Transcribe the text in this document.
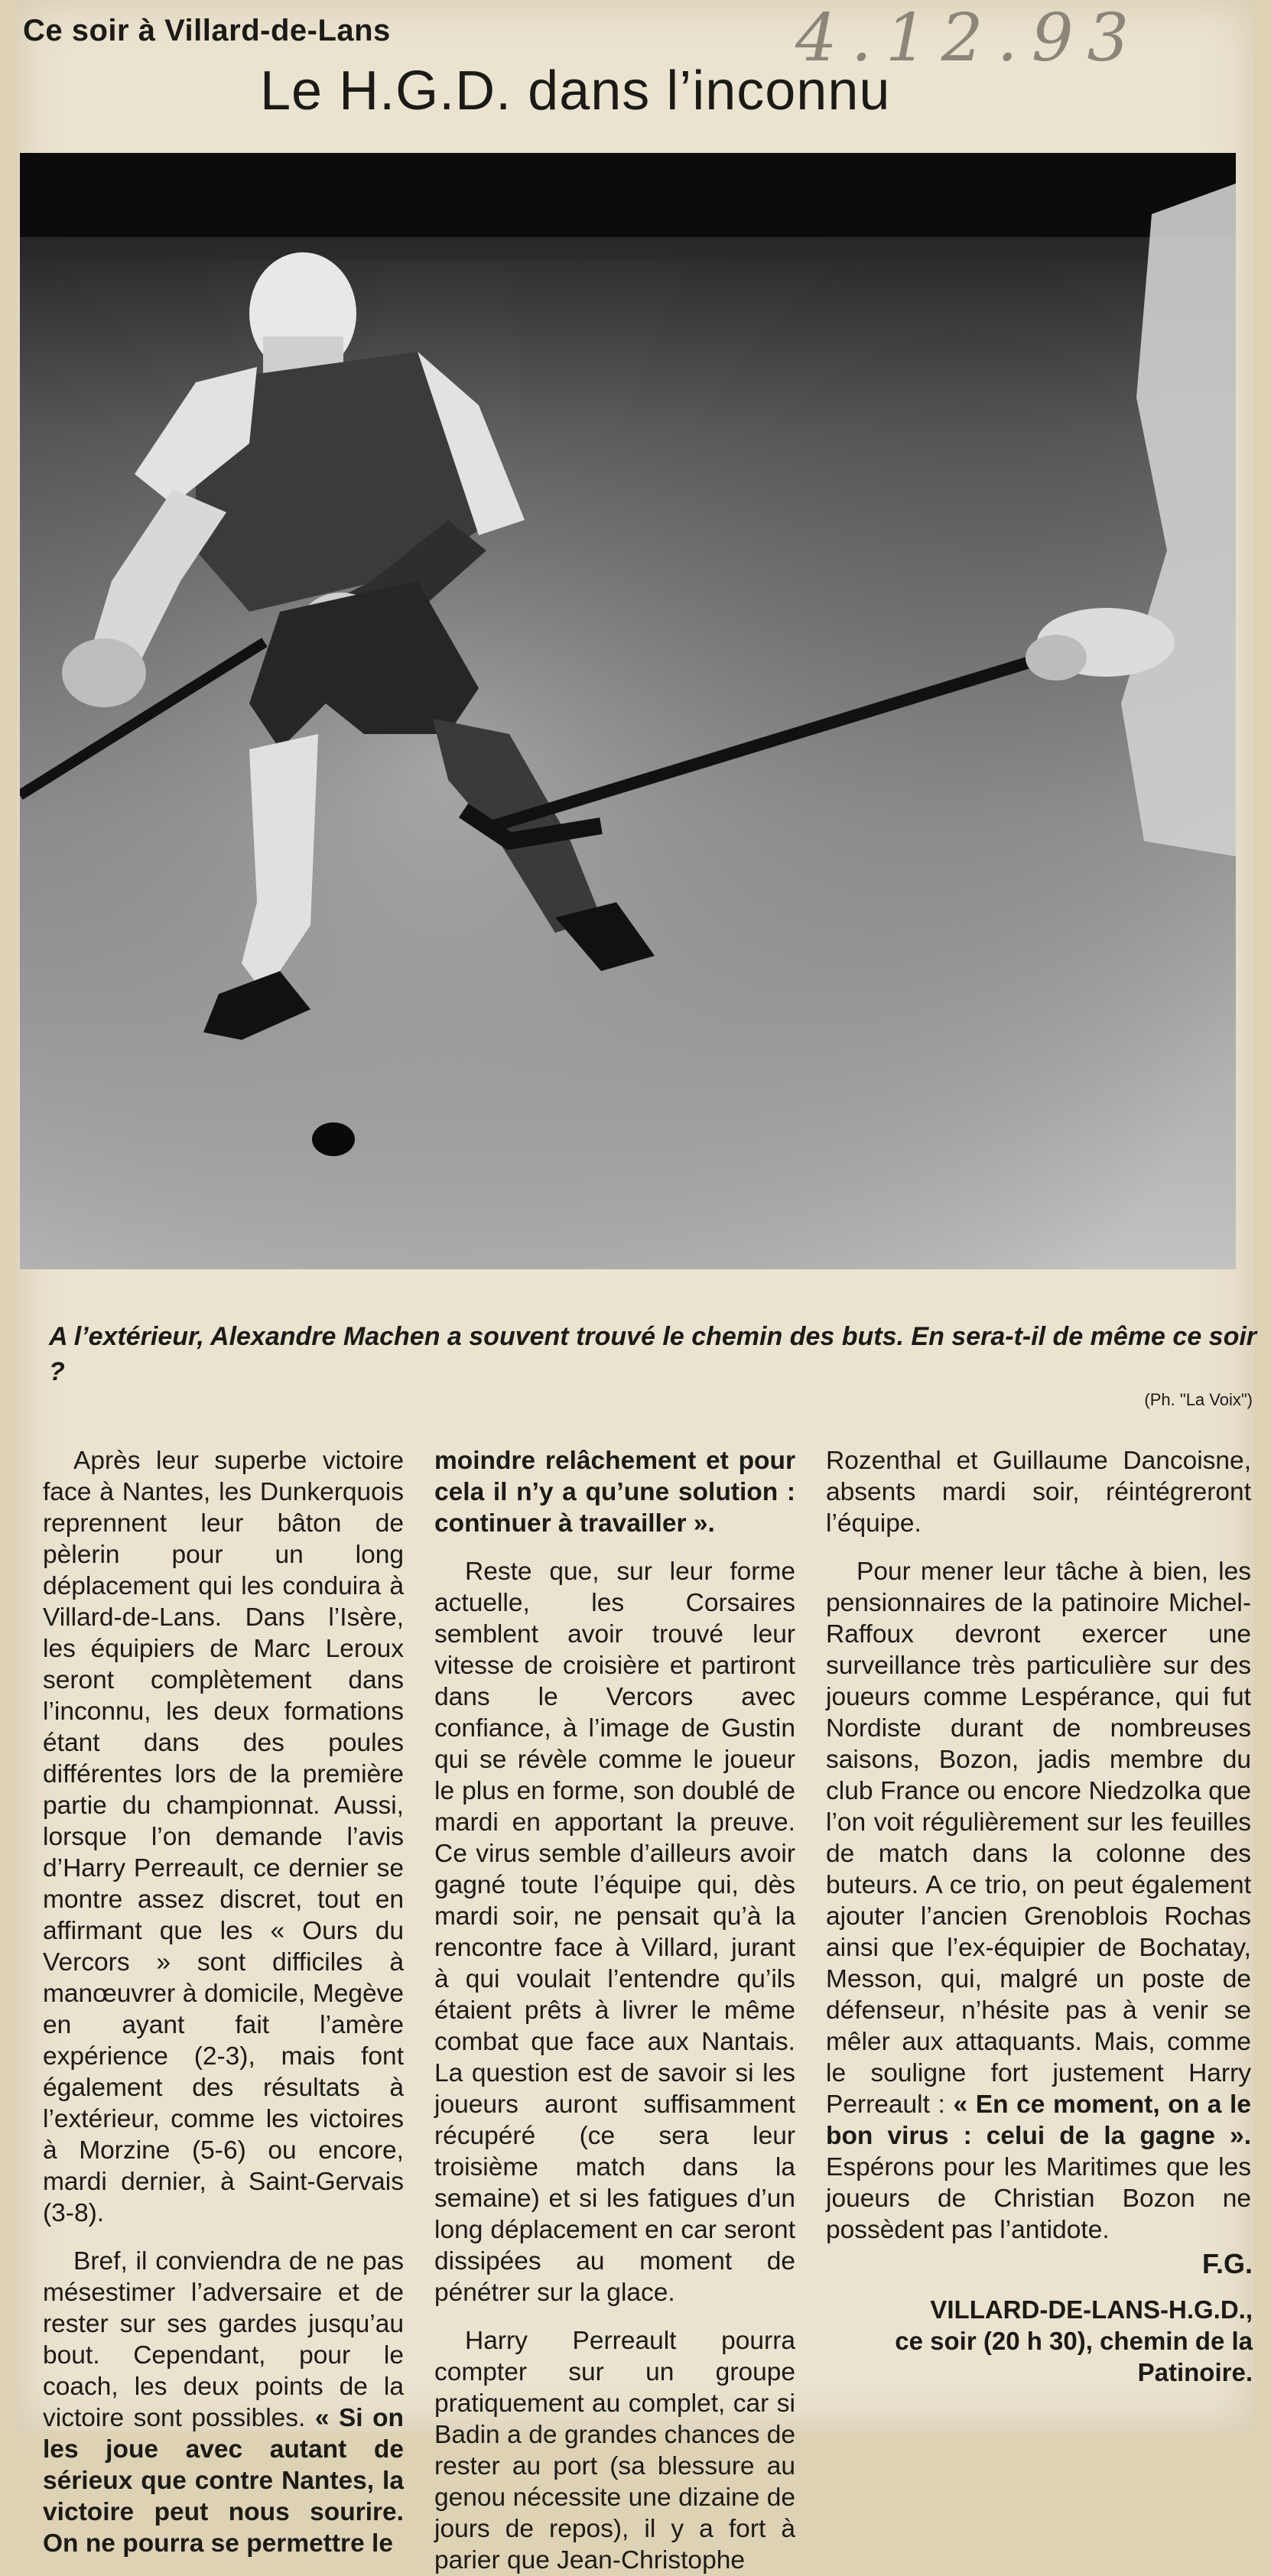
Ce soir à Villard-de-Lans	4.12.93
Le H.G.D. dans l’inconnu
A l’extérieur, Alexandre Machen a souvent trouvé le chemin des buts. En sera-t-il de même ce soir ?
(Ph. "La Voix")

Après leur superbe victoire face à Nantes, les Dunkerquois reprennent leur bâton de pèlerin pour un long déplacement qui les conduira à Villard-de-Lans. Dans l’Isère, les équipiers de Marc Leroux seront complètement dans l’inconnu, les deux formations étant dans des poules différentes lors de la première partie du championnat. Aussi, lorsque l’on demande l’avis d’Harry Perreault, ce dernier se montre assez discret, tout en affirmant que les « Ours du Vercors » sont difficiles à manœuvrer à domicile, Megève en ayant fait l’amère expérience (2-3), mais font également des résultats à l’extérieur, comme les victoires à Morzine (5-6) ou encore, mardi dernier, à Saint-Gervais (3-8).

Bref, il conviendra de ne pas mésestimer l’adversaire et de rester sur ses gardes jusqu’au bout. Cependant, pour le coach, les deux points de la victoire sont possibles. « Si on les joue avec autant de sérieux que contre Nantes, la victoire peut nous sourire. On ne pourra se permettre le

moindre relâchement et pour cela il n’y a qu’une solution : continuer à travailler ».

Reste que, sur leur forme actuelle, les Corsaires semblent avoir trouvé leur vitesse de croisière et partiront dans le Vercors avec confiance, à l’image de Gustin qui se révèle comme le joueur le plus en forme, son doublé de mardi en apportant la preuve. Ce virus semble d’ailleurs avoir gagné toute l’équipe qui, dès mardi soir, ne pensait qu’à la rencontre face à Villard, jurant à qui voulait l’entendre qu’ils étaient prêts à livrer le même combat que face aux Nantais. La question est de savoir si les joueurs auront suffisamment récupéré (ce sera leur troisième match dans la semaine) et si les fatigues d’un long déplacement en car seront dissipées au moment de pénétrer sur la glace.

Harry Perreault pourra compter sur un groupe pratiquement au complet, car si Badin a de grandes chances de rester au port (sa blessure au genou nécessite une dizaine de jours de repos), il y a fort à parier que Jean-Christophe

Rozenthal et Guillaume Dancoisne, absents mardi soir, réintégreront l’équipe.

Pour mener leur tâche à bien, les pensionnaires de la patinoire Michel-Raffoux devront exercer une surveillance très particulière sur des joueurs comme Lespérance, qui fut Nordiste durant de nombreuses saisons, Bozon, jadis membre du club France ou encore Niedzolka que l’on voit régulièrement sur les feuilles de match dans la colonne des buteurs. A ce trio, on peut également ajouter l’ancien Grenoblois Rochas ainsi que l’ex-équipier de Bochatay, Messon, qui, malgré un poste de défenseur, n’hésite pas à venir se mêler aux attaquants. Mais, comme le souligne fort justement Harry Perreault : « En ce moment, on a le bon virus : celui de la gagne ». Espérons pour les Maritimes que les joueurs de Christian Bozon ne possèdent pas l’antidote.

F.G.
VILLARD-DE-LANS-H.G.D.,
ce soir (20 h 30), chemin de la
Patinoire.
